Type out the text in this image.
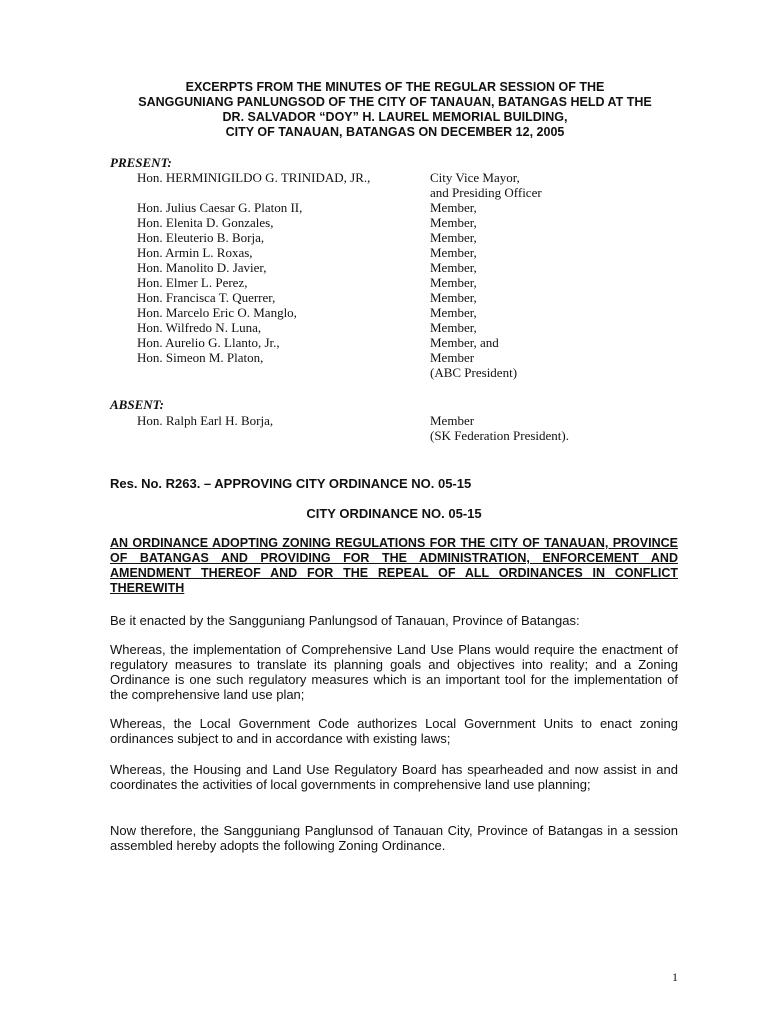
EXCERPTS FROM THE MINUTES OF THE REGULAR SESSION OF THE
SANGGUNIANG PANLUNGSOD OF THE CITY OF TANAUAN, BATANGAS HELD AT THE
DR. SALVADOR “DOY” H. LAUREL MEMORIAL BUILDING,
CITY OF TANAUAN, BATANGAS ON DECEMBER 12, 2005
PRESENT:
Hon. HERMINIGILDO G. TRINIDAD, JR.,	City Vice Mayor,
and Presiding Officer
Hon. Julius Caesar G. Platon II,	Member,
Hon. Elenita D. Gonzales,	Member,
Hon. Eleuterio B. Borja,	Member,
Hon. Armin L. Roxas,	Member,
Hon. Manolito D. Javier,	Member,
Hon. Elmer L. Perez,	Member,
Hon. Francisca T. Querrer,	Member,
Hon. Marcelo Eric O. Manglo,	Member,
Hon. Wilfredo N. Luna,	Member,
Hon. Aurelio G. Llanto, Jr.,	Member, and
Hon. Simeon M. Platon,	Member
(ABC President)
ABSENT:
Hon. Ralph Earl H. Borja,	Member
(SK Federation President).
Res. No. R263. – APPROVING CITY ORDINANCE NO. 05-15
CITY ORDINANCE NO. 05-15
AN ORDINANCE ADOPTING ZONING REGULATIONS FOR THE CITY OF TANAUAN, PROVINCE OF BATANGAS AND PROVIDING FOR THE ADMINISTRATION, ENFORCEMENT AND AMENDMENT THEREOF AND FOR THE REPEAL OF ALL ORDINANCES IN CONFLICT THEREWITH
Be it enacted by the Sangguniang Panlungsod of Tanauan, Province of Batangas:
Whereas, the implementation of Comprehensive Land Use Plans would require the enactment of regulatory measures to translate its planning goals and objectives into reality; and a Zoning Ordinance is one such regulatory measures which is an important tool for the implementation of the comprehensive land use plan;
Whereas, the Local Government Code authorizes Local Government Units to enact zoning ordinances subject to and in accordance with existing laws;
Whereas, the Housing and Land Use Regulatory Board has spearheaded and now assist in and coordinates the activities of local governments in comprehensive land use planning;
Now therefore, the Sangguniang Panglunsod of Tanauan City, Province of Batangas in a session assembled hereby adopts the following Zoning Ordinance.
1
